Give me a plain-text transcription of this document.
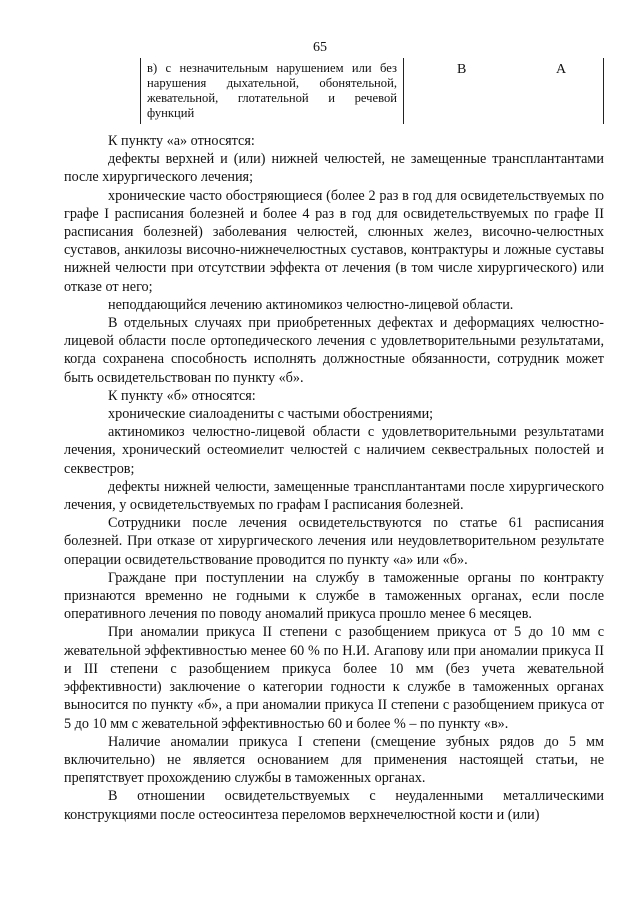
65
в) с незначительным нарушением или без нарушения дыхательной, обонятельной, жевательной, глотательной и речевой функций
В	А

К пункту «а» относятся:

дефекты верхней и (или) нижней челюстей, не замещенные трансплантантами после хирургического лечения;

хронические часто обостряющиеся (более 2 раз в год для освидетельствуемых по графе I расписания болезней и более 4 раз в год для освидетельствуемых по графе II расписания болезней) заболевания челюстей, слюнных желез, височно-челюстных суставов, анкилозы височно-нижнечелюстных суставов, контрактуры и ложные суставы нижней челюсти при отсутствии эффекта от лечения (в том числе хирургического) или отказе от него;

неподдающийся лечению актиномикоз челюстно-лицевой области.

В отдельных случаях при приобретенных дефектах и деформациях челюстно-лицевой области после ортопедического лечения с удовлетворительными результатами, когда сохранена способность исполнять должностные обязанности, сотрудник может быть освидетельствован по пункту «б».

К пункту «б» относятся:

хронические сиалоадениты с частыми обострениями;

актиномикоз челюстно-лицевой области с удовлетворительными результатами лечения, хронический остеомиелит челюстей с наличием секвестральных полостей и секвестров;

дефекты нижней челюсти, замещенные трансплантантами после хирургического лечения, у освидетельствуемых по графам I расписания болезней.

Сотрудники после лечения освидетельствуются по статье 61 расписания болезней. При отказе от хирургического лечения или неудовлетворительном результате операции освидетельствование проводится по пункту «а» или «б».

Граждане при поступлении на службу в таможенные органы по контракту признаются временно не годными к службе в таможенных органах, если после оперативного лечения по поводу аномалий прикуса прошло менее 6 месяцев.

При аномалии прикуса II степени с разобщением прикуса от 5 до 10 мм с жевательной эффективностью менее 60 % по Н.И. Агапову или при аномалии прикуса II и III степени с разобщением прикуса более 10 мм (без учета жевательной эффективности) заключение о категории годности к службе в таможенных органах выносится по пункту «б», а при аномалии прикуса II степени с разобщением прикуса от 5 до 10 мм с жевательной эффективностью 60 и более % – по пункту «в».

Наличие аномалии прикуса I степени (смещение зубных рядов до 5 мм включительно) не является основанием для применения настоящей статьи, не препятствует прохождению службы в таможенных органах.

В отношении освидетельствуемых с неудаленными металлическими конструкциями после остеосинтеза переломов верхнечелюстной кости и (или)
